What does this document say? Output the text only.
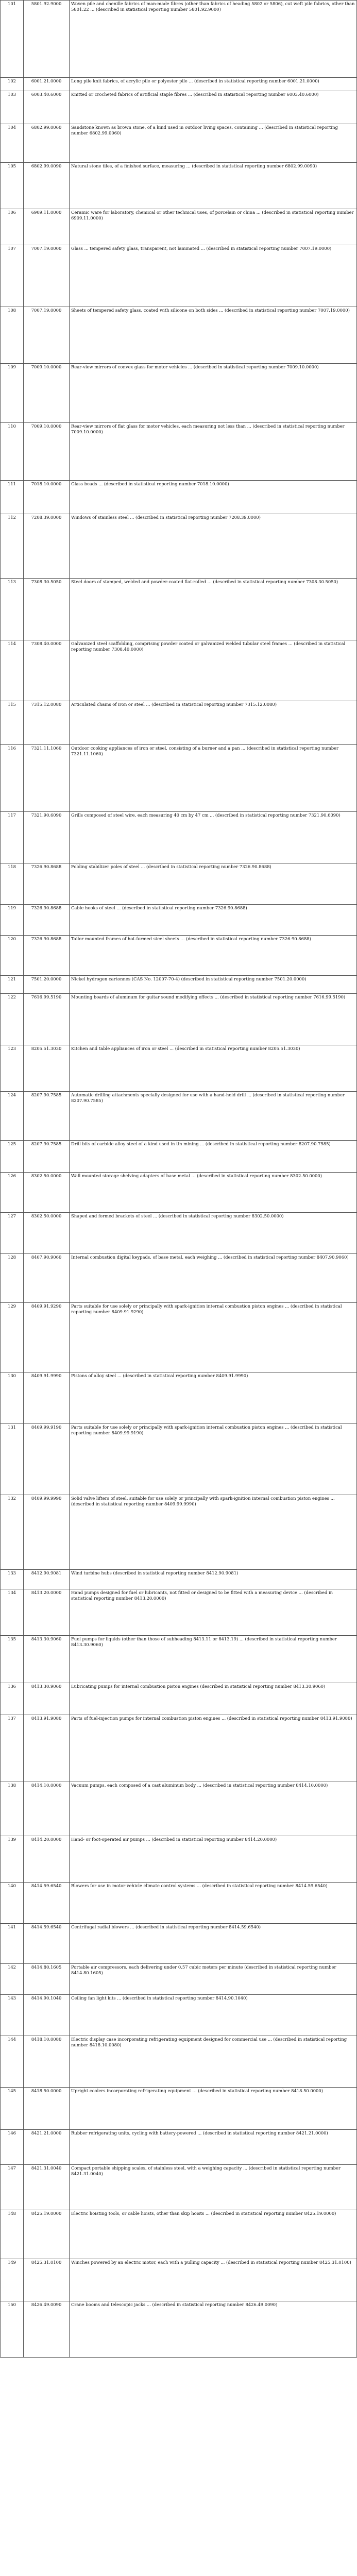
101	5801.92.9000	Woven pile and chenille fabrics of man-made fibres (other than fabrics of heading 5802 or 5806), cut weft pile fabrics, other than 5801.22 ... (described in statistical reporting number 5801.92.9000)
102	6001.21.0000	Long pile knit fabrics, of acrylic pile or polyester pile ... (described in statistical reporting number 6001.21.0000)
103	6003.40.6000	Knitted or crocheted fabrics of artificial staple fibres ... (described in statistical reporting number 6003.40.6000)
104	6802.99.0060	Sandstone known as brown stone, of a kind used in outdoor living spaces, containing ... (described in statistical reporting number 6802.99.0060)
105	6802.99.0090	Natural stone tiles, of a finished surface, measuring ... (described in statistical reporting number 6802.99.0090)
106	6909.11.0000	Ceramic ware for laboratory, chemical or other technical uses, of porcelain or china ... (described in statistical reporting number 6909.11.0000)
107	7007.19.0000	Glass ... tempered safety glass, transparent, not laminated ... (described in statistical reporting number 7007.19.0000)
108	7007.19.0000	Sheets of tempered safety glass, coated with silicone on both sides ... (described in statistical reporting number 7007.19.0000)
109	7009.10.0000	Rear-view mirrors of convex glass for motor vehicles ... (described in statistical reporting number 7009.10.0000)
110	7009.10.0000	Rear-view mirrors of flat glass for motor vehicles, each measuring not less than ... (described in statistical reporting number 7009.10.0000)
111	7018.10.0000	Glass beads ... (described in statistical reporting number 7018.10.0000)
112	7208.39.0000	Windows of stainless steel ... (described in statistical reporting number 7208.39.0000)
113	7308.30.5050	Steel doors of stamped, welded and powder-coated flat-rolled ... (described in statistical reporting number 7308.30.5050)
114	7308.40.0000	Galvanized steel scaffolding, comprising powder coated or galvanized welded tubular steel frames ... (described in statistical reporting number 7308.40.0000)
115	7315.12.0080	Articulated chains of iron or steel ... (described in statistical reporting number 7315.12.0080)
116	7321.11.1060	Outdoor cooking appliances of iron or steel, consisting of a burner and a pan ... (described in statistical reporting number 7321.11.1060)
117	7321.90.6090	Grills composed of steel wire, each measuring 40 cm by 47 cm ... (described in statistical reporting number 7321.90.6090)
118	7326.90.8688	Folding stabilizer poles of steel ... (described in statistical reporting number 7326.90.8688)
119	7326.90.8688	Cable hooks of steel ... (described in statistical reporting number 7326.90.8688)
120	7326.90.8688	Tailor mounted frames of hot-formed steel sheets ... (described in statistical reporting number 7326.90.8688)
121	7501.20.0000	Nickel hydrogen cartonnes (CAS No. 12007-70-4) (described in statistical reporting number 7501.20.0000)
122	7616.99.5190	Mounting boards of aluminum for guitar sound modifying effects ... (described in statistical reporting number 7616.99.5190)
123	8205.51.3030	Kitchen and table appliances of iron or steel ... (described in statistical reporting number 8205.51.3030)
124	8207.90.7585	Automatic drilling attachments specially designed for use with a hand-held drill ... (described in statistical reporting number 8207.90.7585)
125	8207.90.7585	Drill bits of carbide alloy steel of a kind used in tin mining ... (described in statistical reporting number 8207.90.7585)
126	8302.50.0000	Wall mounted storage shelving adapters of base metal ... (described in statistical reporting number 8302.50.0000)
127	8302.50.0000	Shaped and formed brackets of steel ... (described in statistical reporting number 8302.50.0000)
128	8407.90.9060	Internal combustion digital keypads, of base metal, each weighing ... (described in statistical reporting number 8407.90.9060)
129	8409.91.9290	Parts suitable for use solely or principally with spark-ignition internal combustion piston engines ... (described in statistical reporting number 8409.91.9290)
130	8409.91.9990	Pistons of alloy steel ... (described in statistical reporting number 8409.91.9990)
131	8409.99.9190	Parts suitable for use solely or principally with spark-ignition internal combustion piston engines ... (described in statistical reporting number 8409.99.9190)
132	8409.99.9990	Solid valve lifters of steel, suitable for use solely or principally with spark-ignition internal combustion piston engines ... (described in statistical reporting number 8409.99.9990)
133	8412.90.9081	Wind turbine hubs (described in statistical reporting number 8412.90.9081)
134	8413.20.0000	Hand pumps designed for fuel or lubricants, not fitted or designed to be fitted with a measuring device ... (described in statistical reporting number 8413.20.0000)
135	8413.30.9060	Fuel pumps for liquids (other than those of subheading 8413.11 or 8413.19) ... (described in statistical reporting number 8413.30.9060)
136	8413.30.9060	Lubricating pumps for internal combustion piston engines (described in statistical reporting number 8413.30.9060)
137	8413.91.9080	Parts of fuel-injection pumps for internal combustion piston engines ... (described in statistical reporting number 8413.91.9080)
138	8414.10.0000	Vacuum pumps, each composed of a cast aluminum body ... (described in statistical reporting number 8414.10.0000)
139	8414.20.0000	Hand- or foot-operated air pumps ... (described in statistical reporting number 8414.20.0000)
140	8414.59.6540	Blowers for use in motor vehicle climate control systems ... (described in statistical reporting number 8414.59.6540)
141	8414.59.6540	Centrifugal radial blowers ... (described in statistical reporting number 8414.59.6540)
142	8414.80.1605	Portable air compressors, each delivering under 0.57 cubic meters per minute (described in statistical reporting number 8414.80.1605)
143	8414.90.1040	Ceiling fan light kits ... (described in statistical reporting number 8414.90.1040)
144	8418.10.0080	Electric display case incorporating refrigerating equipment designed for commercial use ... (described in statistical reporting number 8418.10.0080)
145	8418.50.0000	Upright coolers incorporating refrigerating equipment ... (described in statistical reporting number 8418.50.0000)
146	8421.21.0000	Rubber refrigerating units, cycling with battery-powered ... (described in statistical reporting number 8421.21.0000)
147	8421.31.0040	Compact portable shipping scales, of stainless steel, with a weighing capacity ... (described in statistical reporting number 8421.31.0040)
148	8425.19.0000	Electric hoisting tools, or cable hoists, other than skip hoists ... (described in statistical reporting number 8425.19.0000)
149	8425.31.0100	Winches powered by an electric motor, each with a pulling capacity ... (described in statistical reporting number 8425.31.0100)
150	8426.49.0090	Crane booms and telescopic jacks ... (described in statistical reporting number 8426.49.0090)
